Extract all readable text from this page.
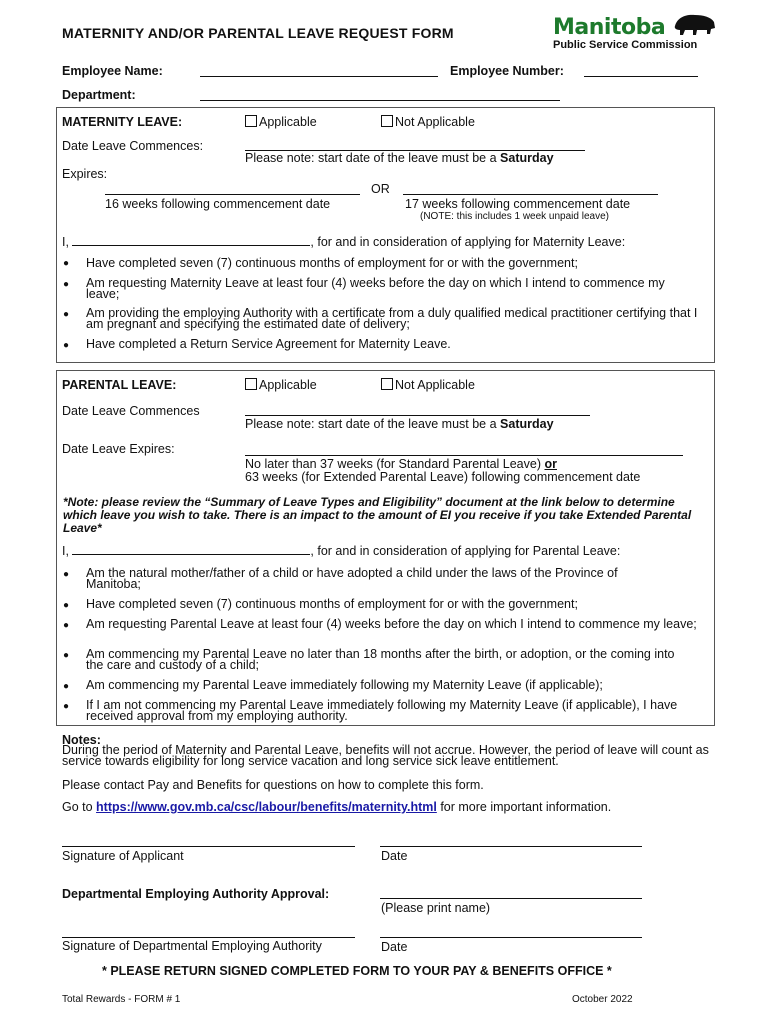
MATERNITY AND/OR PARENTAL LEAVE REQUEST FORM	Manitoba
Public Service Commission
Employee Name:	Employee Number:
Department:
MATERNITY LEAVE:	Applicable	Not Applicable
Date Leave Commences:
Please note: start date of the leave must be a Saturday
Expires:
OR
16 weeks following commencement date	17 weeks following commencement date
(NOTE: this includes 1 week unpaid leave)
I,	, for and in consideration of applying for Maternity Leave:
● Have completed seven (7) continuous months of employment for or with the government;
● Am requesting Maternity Leave at least four (4) weeks before the day on which I intend to commence my leave;
● Am providing the employing Authority with a certificate from a duly qualified medical practitioner certifying that I am pregnant and specifying the estimated date of delivery;
● Have completed a Return Service Agreement for Maternity Leave.
PARENTAL LEAVE:	Applicable	Not Applicable
Date Leave Commences
Please note: start date of the leave must be a Saturday
Date Leave Expires:
No later than 37 weeks (for Standard Parental Leave) or
63 weeks (for Extended Parental Leave) following commencement date
*Note: please review the “Summary of Leave Types and Eligibility” document at the link below to determine which leave you wish to take. There is an impact to the amount of EI you receive if you take Extended Parental Leave*
I,	, for and in consideration of applying for Parental Leave:
● Am the natural mother/father of a child or have adopted a child under the laws of the Province of Manitoba;
● Have completed seven (7) continuous months of employment for or with the government;
● Am requesting Parental Leave at least four (4) weeks before the day on which I intend to commence my leave;
● Am commencing my Parental Leave no later than 18 months after the birth, or adoption, or the coming into the care and custody of a child;
● Am commencing my Parental Leave immediately following my Maternity Leave (if applicable);
● If I am not commencing my Parental Leave immediately following my Maternity Leave (if applicable), I have received approval from my employing authority.
Notes:
During the period of Maternity and Parental Leave, benefits will not accrue. However, the period of leave will count as service towards eligibility for long service vacation and long service sick leave entitlement.
Please contact Pay and Benefits for questions on how to complete this form.
Go to https://www.gov.mb.ca/csc/labour/benefits/maternity.html for more important information.
Signature of Applicant	Date
Departmental Employing Authority Approval:
(Please print name)
Signature of Departmental Employing Authority	Date
* PLEASE RETURN SIGNED COMPLETED FORM TO YOUR PAY & BENEFITS OFFICE *
Total Rewards - FORM # 1	October 2022
